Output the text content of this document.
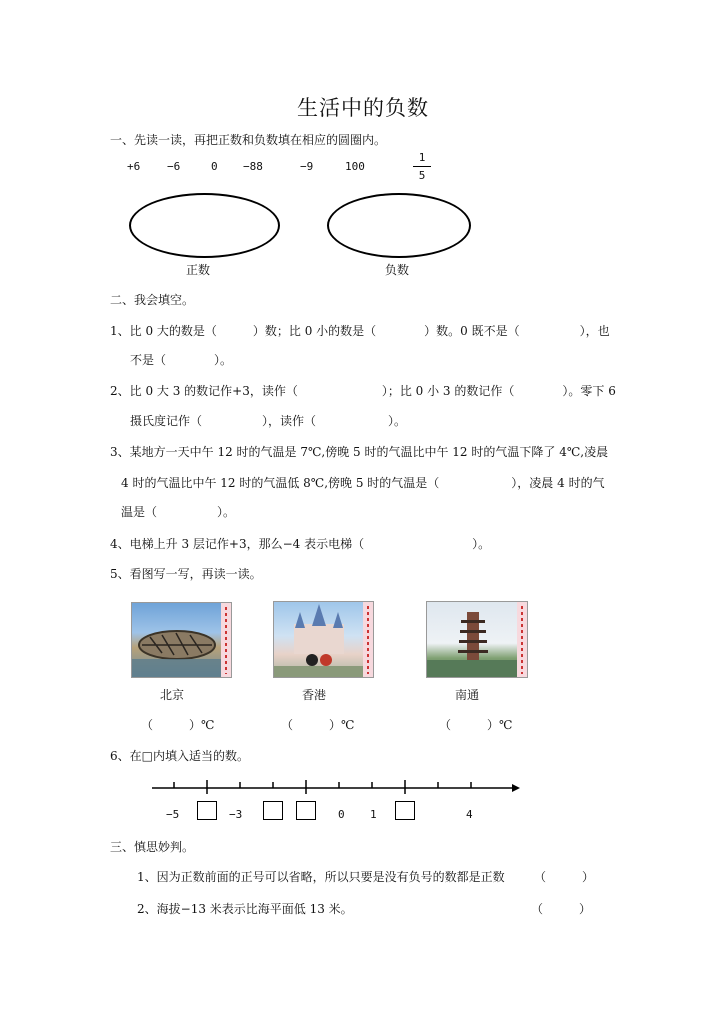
生活中的负数
一、先读一读，再把正数和负数填在相应的圆圈内。
+6 −6	0 −88	−9	100
1
5
正数	负数
二、我会填空。
1、比 0 大的数是（　　　）数；比 0 小的数是（　　　　）数。0 既不是（　　　　　），也
不是（　　　　）。
2、比 0 大 3 的数记作+3，读作（　　　　　　　）；比 0 小 3 的数记作（　　　　）。零下 6
摄氏度记作（　　　　　），读作（　　　　　　）。
3、某地方一天中午 12 时的气温是 7℃,傍晚 5 时的气温比中午 12 时的气温下降了 4℃,凌晨
4 时的气温比中午 12 时的气温低 8℃,傍晚 5 时的气温是（　　　　　　），凌晨 4 时的气
温是（　　　　　）。
4、电梯上升 3 层记作+3，那么−4 表示电梯（　　　　　　　　　）。
5、看图写一写，再读一读。
北京	香港	南通
（　　　）℃	（　　　）℃	（　　　）℃
6、在□内填入适当的数。
−5	−3	0 1	4
三、慎思妙判。
1、因为正数前面的正号可以省略，所以只要是没有负号的数都是正数 （　　　）
2、海拔−13 米表示比海平面低 13 米。	（　　　）
